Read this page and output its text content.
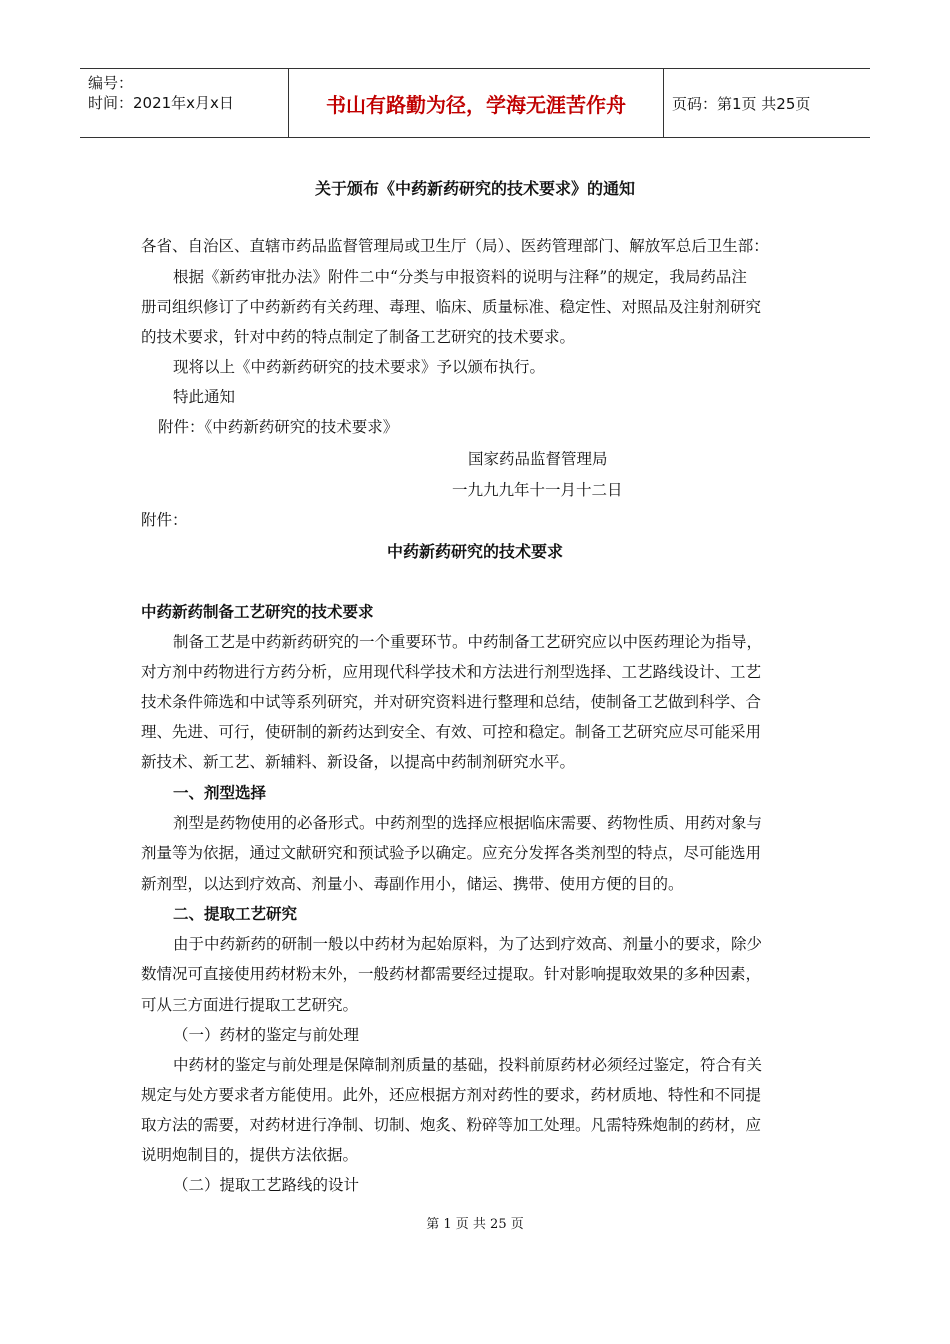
编号：
时间：2021年x月x日	书山有路勤为径，学海无涯苦作舟	页码：第1页 共25页
关于颁布《中药新药研究的技术要求》的通知
各省、自治区、直辖市药品监督管理局或卫生厅（局）、医药管理部门、解放军总后卫生部：
根据《新药审批办法》附件二中“分类与申报资料的说明与注释”的规定，我局药品注
册司组织修订了中药新药有关药理、毒理、临床、质量标准、稳定性、对照品及注射剂研究
的技术要求，针对中药的特点制定了制备工艺研究的技术要求。
现将以上《中药新药研究的技术要求》予以颁布执行。
特此通知
附件：《中药新药研究的技术要求》
国家药品监督管理局
一九九九年十一月十二日
附件：
中药新药研究的技术要求
中药新药制备工艺研究的技术要求
制备工艺是中药新药研究的一个重要环节。中药制备工艺研究应以中医药理论为指导，
对方剂中药物进行方药分析，应用现代科学技术和方法进行剂型选择、工艺路线设计、工艺
技术条件筛选和中试等系列研究，并对研究资料进行整理和总结，使制备工艺做到科学、合
理、先进、可行，使研制的新药达到安全、有效、可控和稳定。制备工艺研究应尽可能采用
新技术、新工艺、新辅料、新设备，以提高中药制剂研究水平。
一、剂型选择
剂型是药物使用的必备形式。中药剂型的选择应根据临床需要、药物性质、用药对象与
剂量等为依据，通过文献研究和预试验予以确定。应充分发挥各类剂型的特点，尽可能选用
新剂型，以达到疗效高、剂量小、毒副作用小，储运、携带、使用方便的目的。
二、提取工艺研究
由于中药新药的研制一般以中药材为起始原料，为了达到疗效高、剂量小的要求，除少
数情况可直接使用药材粉末外，一般药材都需要经过提取。针对影响提取效果的多种因素，
可从三方面进行提取工艺研究。
（一）药材的鉴定与前处理
中药材的鉴定与前处理是保障制剂质量的基础，投料前原药材必须经过鉴定，符合有关
规定与处方要求者方能使用。此外，还应根据方剂对药性的要求，药材质地、特性和不同提
取方法的需要，对药材进行净制、切制、炮炙、粉碎等加工处理。凡需特殊炮制的药材，应
说明炮制目的，提供方法依据。
（二）提取工艺路线的设计
第 1 页 共 25 页
